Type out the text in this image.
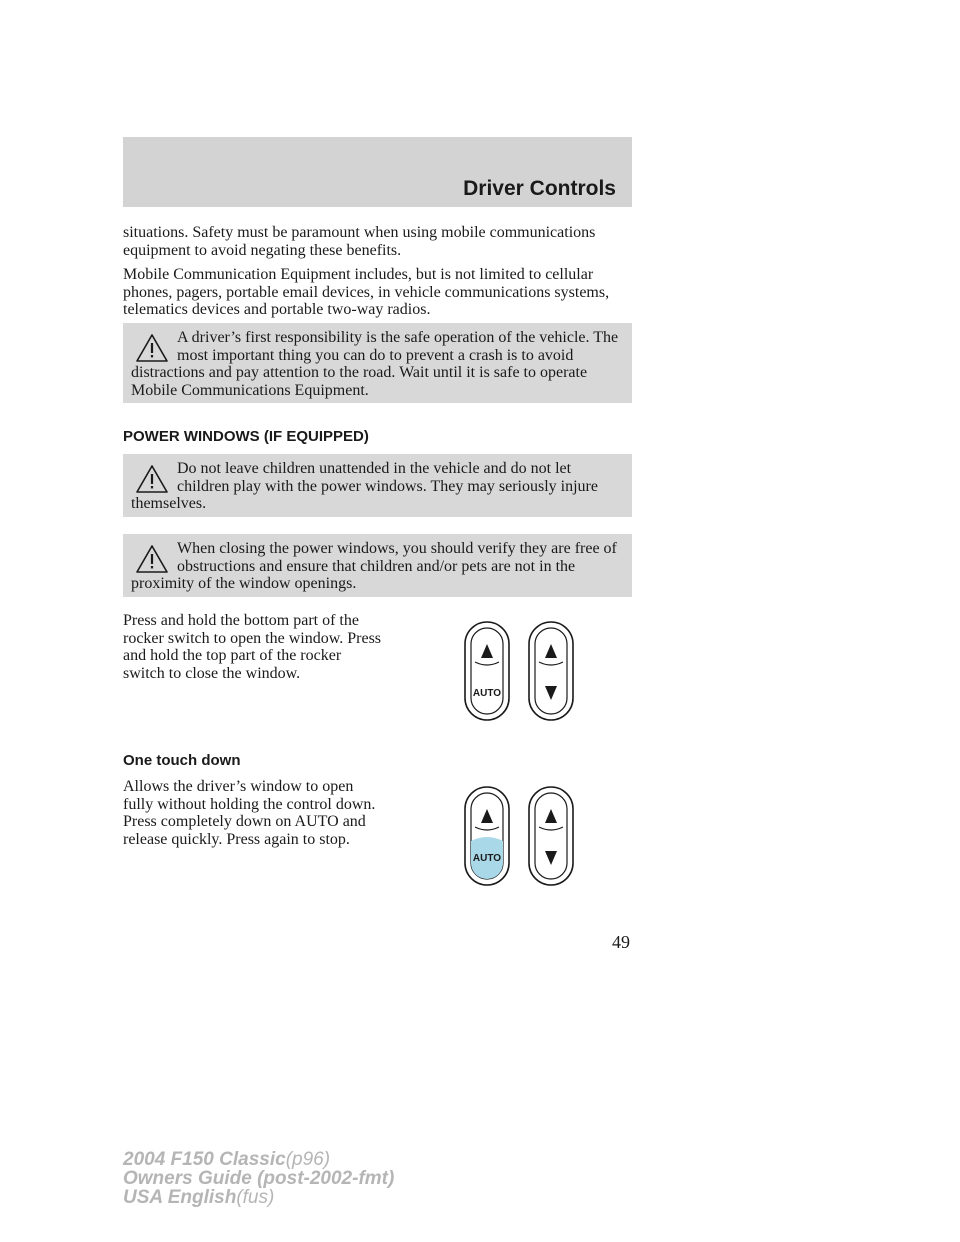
Driver Controls

situations. Safety must be paramount when using mobile communications equipment to avoid negating these benefits.

Mobile Communication Equipment includes, but is not limited to cellular phones, pagers, portable email devices, in vehicle communications systems, telematics devices and portable two-way radios.

A driver’s first responsibility is the safe operation of the vehicle. The most important thing you can do to prevent a crash is to avoid distractions and pay attention to the road. Wait until it is safe to operate Mobile Communications Equipment.
POWER WINDOWS (IF EQUIPPED)
Do not leave children unattended in the vehicle and do not let children play with the power windows. They may seriously injure themselves.
When closing the power windows, you should verify they are free of obstructions and ensure that children and/or pets are not in the proximity of the window openings.

Press and hold the bottom part of the rocker switch to open the window. Press and hold the top part of the rocker switch to close the window.

AUTO
One touch down

Allows the driver’s window to open fully without holding the control down. Press completely down on AUTO and release quickly. Press again to stop.

AUTO
49
2004 F150 Classic(p96)
Owners Guide (post-2002-fmt)
USA English(fus)
